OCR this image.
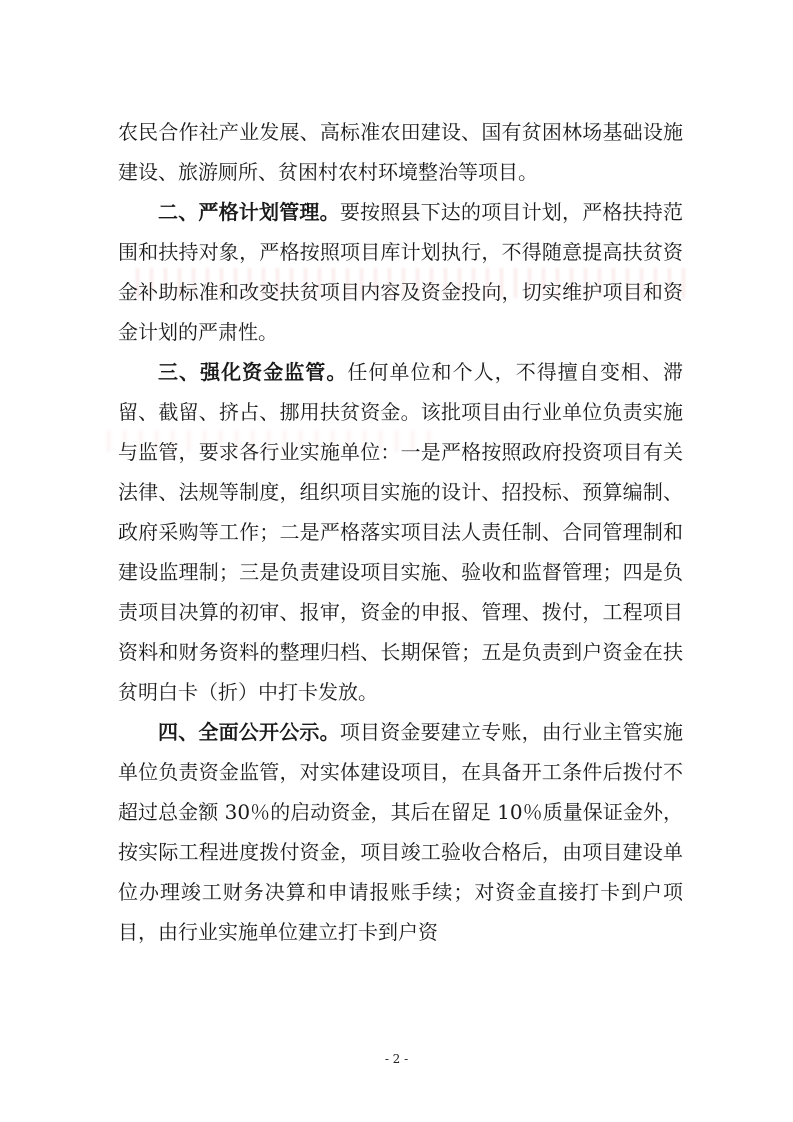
农民合作社产业发展、高标准农田建设、国有贫困林场基础设施建设、旅游厕所、贫困村农村环境整治等项目。

二、严格计划管理。要按照县下达的项目计划，严格扶持范围和扶持对象，严格按照项目库计划执行，不得随意提高扶贫资金补助标准和改变扶贫项目内容及资金投向，切实维护项目和资金计划的严肃性。

三、强化资金监管。任何单位和个人，不得擅自变相、滞留、截留、挤占、挪用扶贫资金。该批项目由行业单位负责实施与监管，要求各行业实施单位：一是严格按照政府投资项目有关法律、法规等制度，组织项目实施的设计、招投标、预算编制、政府采购等工作；二是严格落实项目法人责任制、合同管理制和建设监理制；三是负责建设项目实施、验收和监督管理；四是负责项目决算的初审、报审，资金的申报、管理、拨付，工程项目资料和财务资料的整理归档、长期保管；五是负责到户资金在扶贫明白卡（折）中打卡发放。

四、全面公开公示。项目资金要建立专账，由行业主管实施单位负责资金监管，对实体建设项目，在具备开工条件后拨付不超过总金额 30％的启动资金，其后在留足 10％质量保证金外，按实际工程进度拨付资金，项目竣工验收合格后，由项目建设单位办理竣工财务决算和申请报账手续；对资金直接打卡到户项目，由行业实施单位建立打卡到户资

- 2 -
